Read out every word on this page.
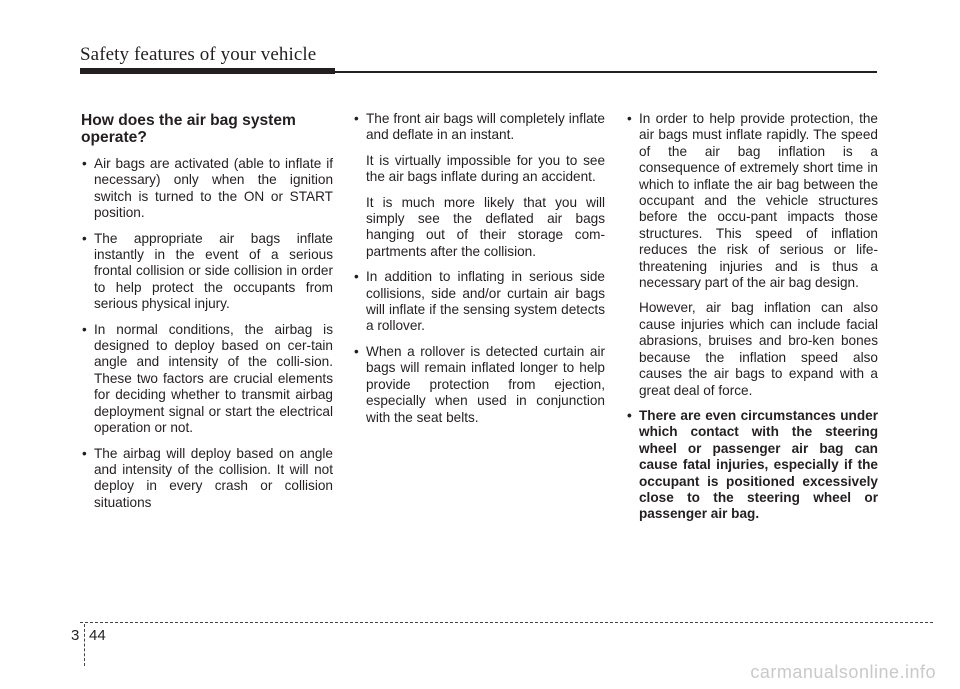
Safety features of your vehicle
How does the air bag system operate?
• Air bags are activated (able to inflate if necessary) only when the ignition switch is turned to the ON or START position.
• The appropriate air bags inflate instantly in the event of a serious frontal collision or side collision in order to help protect the occupants from serious physical injury.
• In normal conditions, the airbag is designed to deploy based on cer-tain angle and intensity of the colli-sion. These two factors are crucial elements for deciding whether to transmit airbag deployment signal or start the electrical operation or not.
• The airbag will deploy based on angle and intensity of the collision. It will not deploy in every crash or collision situations
• The front air bags will completely inflate and deflate in an instant.
It is virtually impossible for you to see the air bags inflate during an accident.
It is much more likely that you will simply see the deflated air bags hanging out of their storage com-partments after the collision.
• In addition to inflating in serious side collisions, side and/or curtain air bags will inflate if the sensing system detects a rollover.
• When a rollover is detected curtain air bags will remain inflated longer to help provide protection from ejection, especially when used in conjunction with the seat belts.
• In order to help provide protection, the air bags must inflate rapidly. The speed of the air bag inflation is a consequence of extremely short time in which to inflate the air bag between the occupant and the vehicle structures before the occu-pant impacts those structures. This speed of inflation reduces the risk of serious or life-threatening injuries and is thus a necessary part of the air bag design.
However, air bag inflation can also cause injuries which can include facial abrasions, bruises and bro-ken bones because the inflation speed also causes the air bags to expand with a great deal of force.
• There are even circumstances under which contact with the steering wheel or passenger air bag can cause fatal injuries, especially if the occupant is positioned excessively close to the steering wheel or passenger air bag.
3 44
carmanualsonline.info
